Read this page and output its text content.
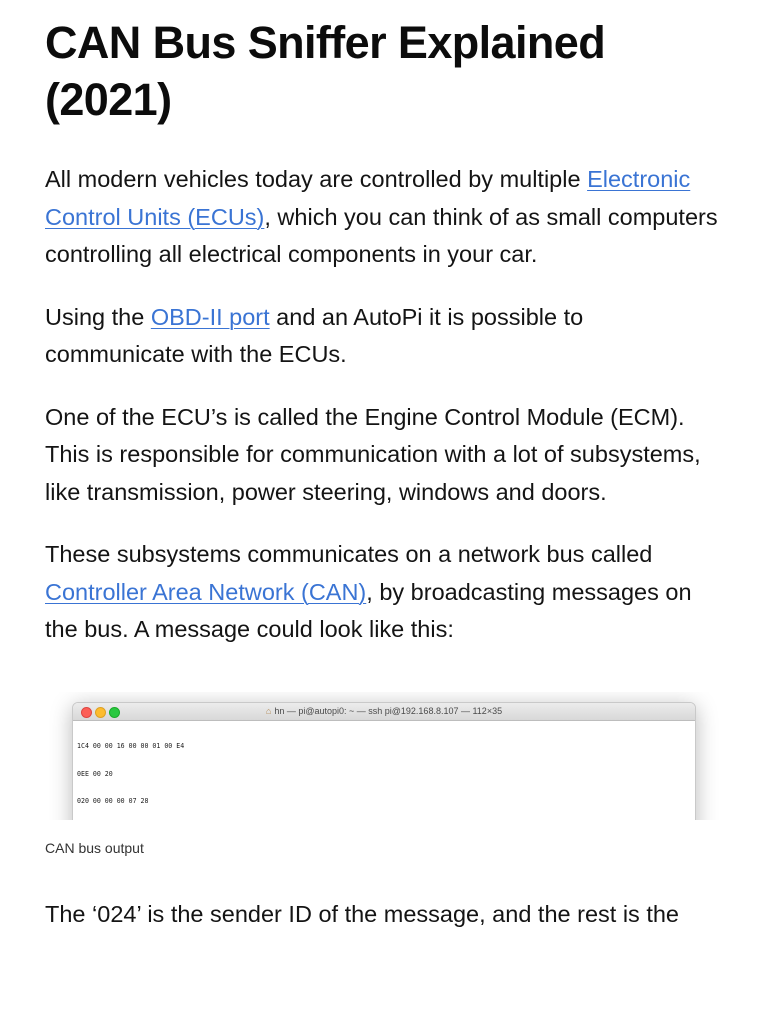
CAN Bus Sniffer Explained (2021)

All modern vehicles today are controlled by multiple Electronic Control Units (ECUs), which you can think of as small computers controlling all electrical components in your car.

Using the OBD-II port and an AutoPi it is possible to communicate with the ECUs.

One of the ECU’s is called the Engine Control Module (ECM). This is responsible for communication with a lot of subsystems, like transmission, power steering, windows and doors.

These subsystems communicates on a network bus called Controller Area Network (CAN), by broadcasting messages on the bus. A message could look like this:

⌂ hn — pi@autopi0: ~ — ssh pi@192.168.8.107 — 112×35

1C4 00 00 16 00 00 01 00 E4

0EE 00 20

020 00 00 00 07 28

CAN bus output

The ‘024’ is the sender ID of the message, and the rest is the
